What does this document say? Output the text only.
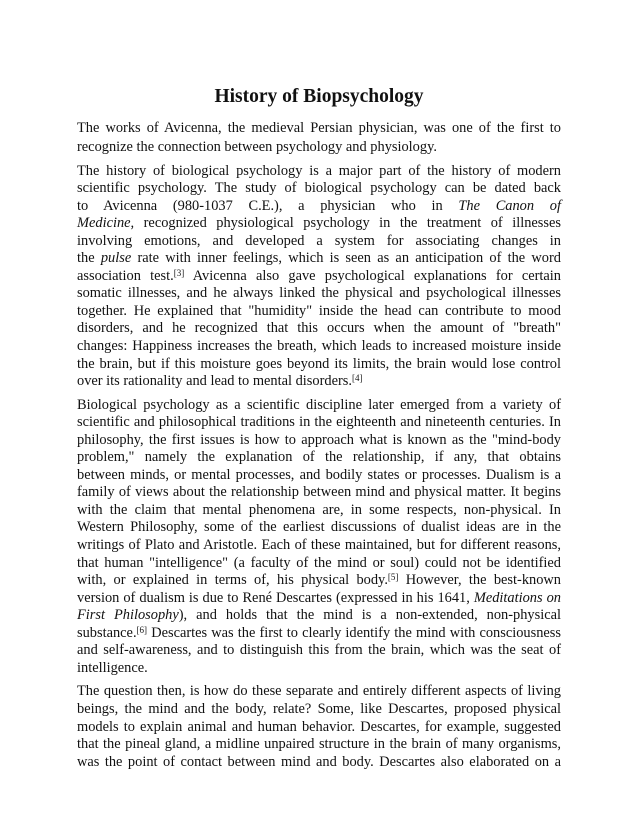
History of Biopsychology

The works of Avicenna, the medieval Persian physician, was one of the first to
recognize the connection between psychology and physiology.

The history of biological psychology is a major part of the history of modern
scientific psychology. The study of biological psychology can be dated back
to Avicenna (980-1037 C.E.), a physician who in The Canon of
Medicine, recognized physiological psychology in the treatment of illnesses
involving emotions, and developed a system for associating changes in
the pulse rate with inner feelings, which is seen as an anticipation of the word
association test.[3] Avicenna also gave psychological explanations for certain
somatic illnesses, and he always linked the physical and psychological illnesses
together. He explained that "humidity" inside the head can contribute to mood
disorders, and he recognized that this occurs when the amount of "breath"
changes: Happiness increases the breath, which leads to increased moisture inside
the brain, but if this moisture goes beyond its limits, the brain would lose control
over its rationality and lead to mental disorders.[4]

Biological psychology as a scientific discipline later emerged from a variety of
scientific and philosophical traditions in the eighteenth and nineteenth centuries. In
philosophy, the first issues is how to approach what is known as the "mind-body
problem," namely the explanation of the relationship, if any, that obtains
between minds, or mental processes, and bodily states or processes. Dualism is a
family of views about the relationship between mind and physical matter. It begins
with the claim that mental phenomena are, in some respects, non-physical. In
Western Philosophy, some of the earliest discussions of dualist ideas are in the
writings of Plato and Aristotle. Each of these maintained, but for different reasons,
that human "intelligence" (a faculty of the mind or soul) could not be identified
with, or explained in terms of, his physical body.[5] However, the best-known
version of dualism is due to René Descartes (expressed in his 1641, Meditations on
First Philosophy), and holds that the mind is a non-extended, non-physical
substance.[6] Descartes was the first to clearly identify the mind with consciousness
and self-awareness, and to distinguish this from the brain, which was the seat of
intelligence.

The question then, is how do these separate and entirely different aspects of living
beings, the mind and the body, relate? Some, like Descartes, proposed physical
models to explain animal and human behavior. Descartes, for example, suggested
that the pineal gland, a midline unpaired structure in the brain of many organisms,
was the point of contact between mind and body. Descartes also elaborated on a
